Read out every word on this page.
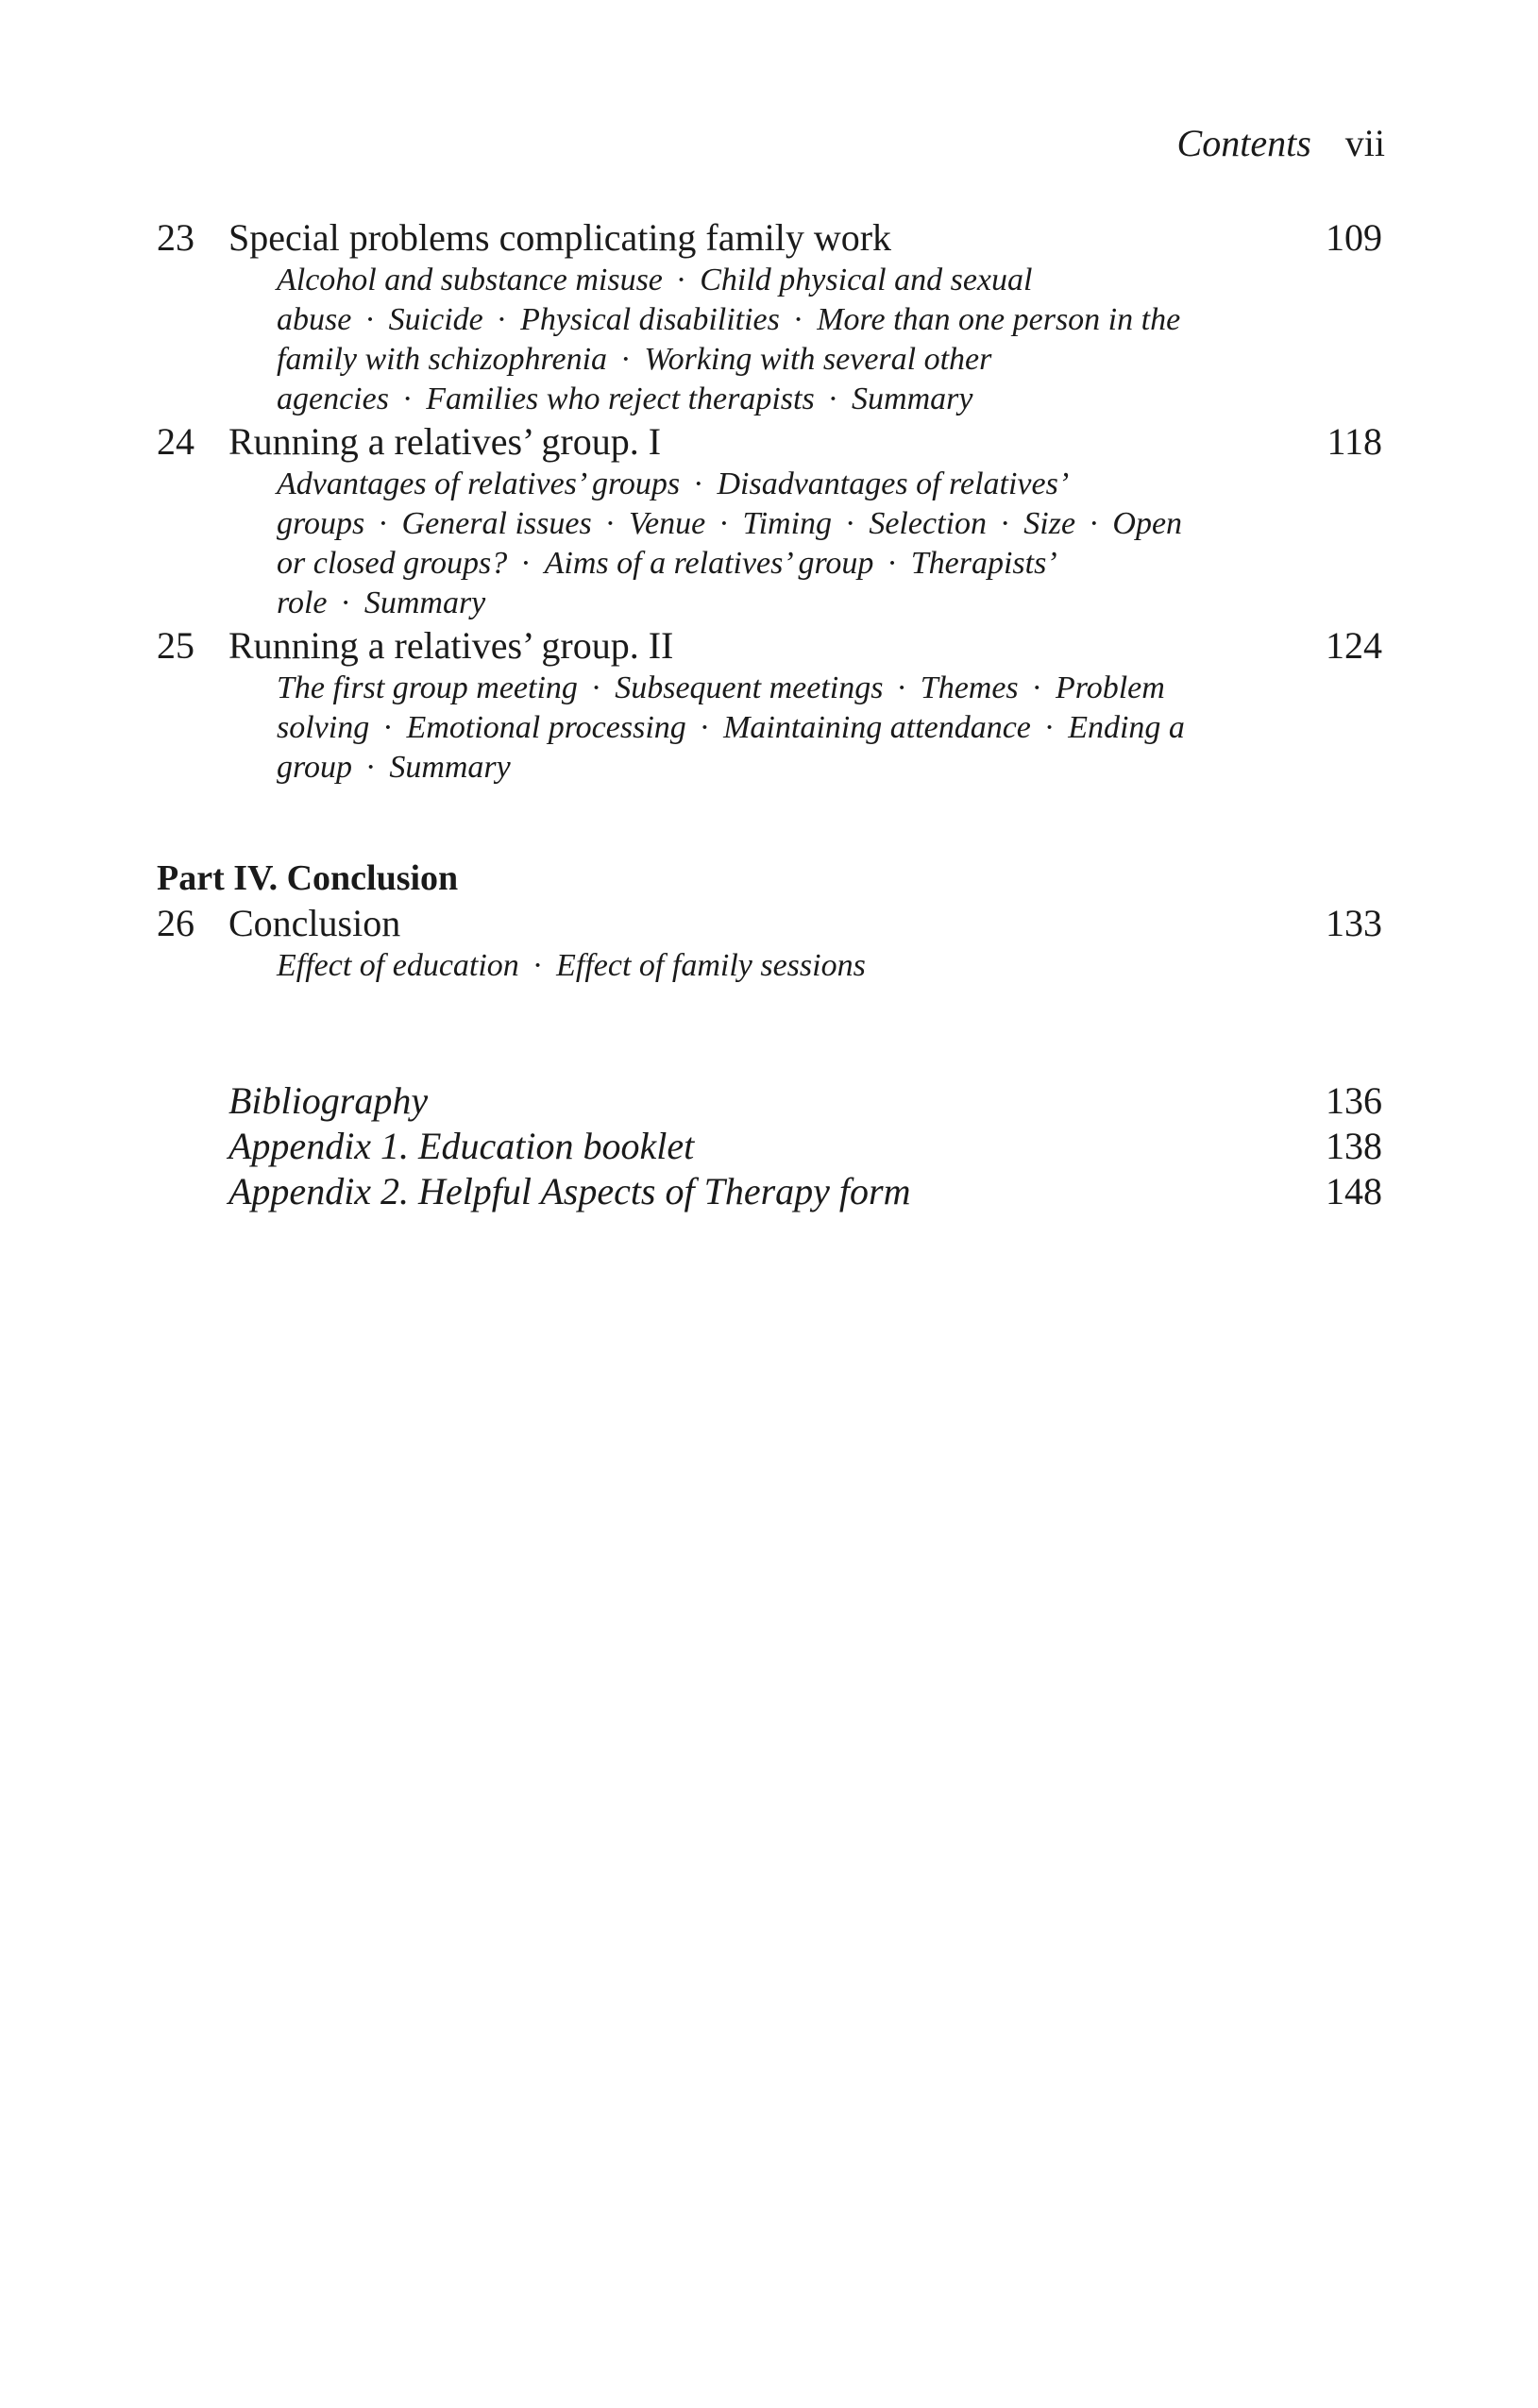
Contents vii
23 Special problems complicating family work	109
Alcohol and substance misuse · Child physical and sexual
abuse · Suicide · Physical disabilities · More than one person in the
family with schizophrenia · Working with several other
agencies · Families who reject therapists · Summary
24 Running a relatives’ group. I	118
Advantages of relatives’ groups · Disadvantages of relatives’
groups · General issues · Venue · Timing · Selection · Size · Open
or closed groups? · Aims of a relatives’ group · Therapists’
role · Summary
25 Running a relatives’ group. II	124
The first group meeting · Subsequent meetings · Themes · Problem
solving · Emotional processing · Maintaining attendance · Ending a
group · Summary
Part IV. Conclusion
26 Conclusion	133
Effect of education · Effect of family sessions
Bibliography	136
Appendix 1. Education booklet	138
Appendix 2. Helpful Aspects of Therapy form	148
